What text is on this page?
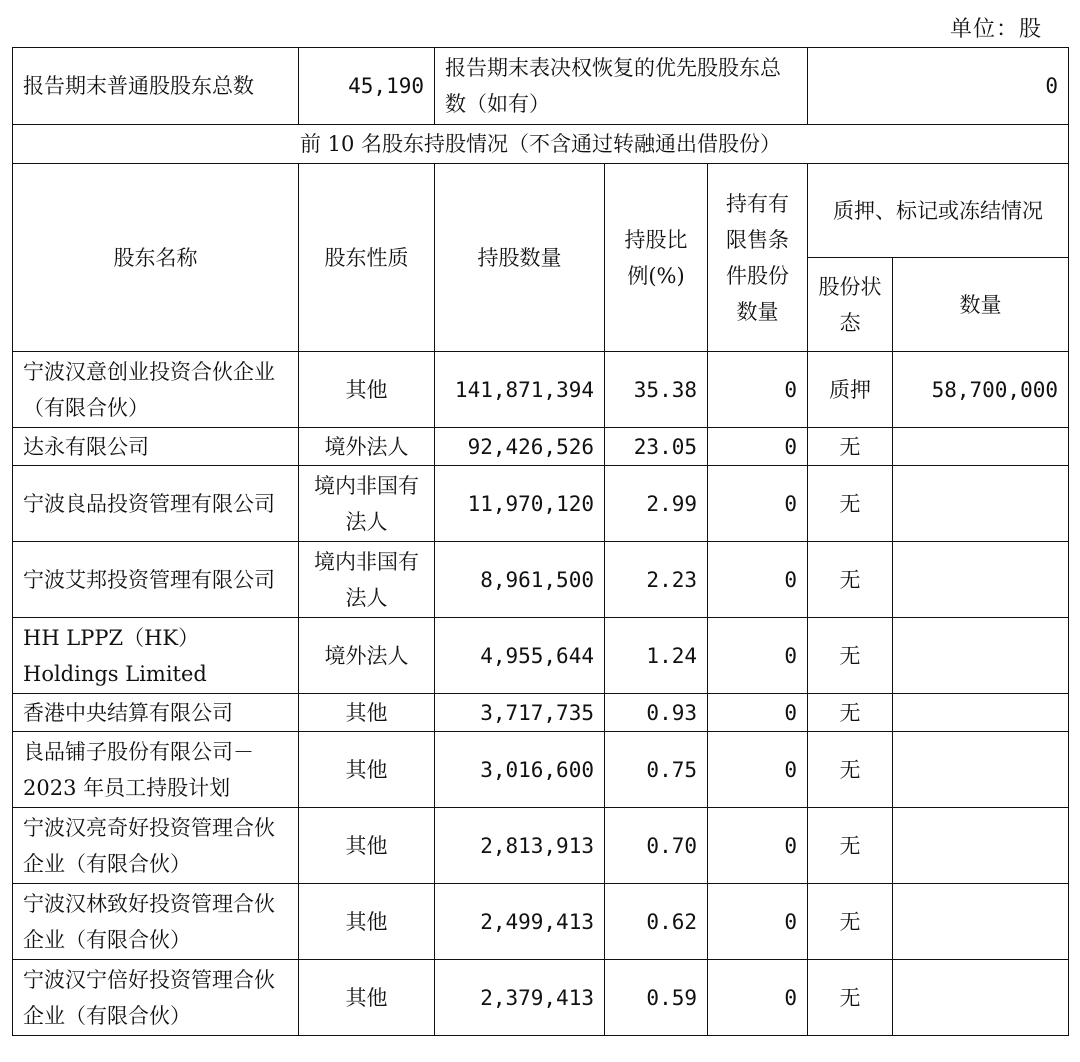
单位：股
报告期末普通股股东总数	45,190	报告期末表决权恢复的优先股股东总数（如有）			0	
前 10 名股东持股情况（不含通过转融通出借股份）						
股东名称	股东性质	持股数量	持股比例(%)	持有有限售条件股份数量	质押、标记或冻结情况	
					股份状态	数量
宁波汉意创业投资合伙企业（有限合伙）	其他	141,871,394	35.38	0	质押	58,700,000
达永有限公司	境外法人	92,426,526	23.05	0	无	
宁波良品投资管理有限公司	境内非国有法人	11,970,120	2.99	0	无	
宁波艾邦投资管理有限公司	境内非国有法人	8,961,500	2.23	0	无	
HH LPPZ（HK） Holdings Limited	境外法人	4,955,644	1.24	0	无	
香港中央结算有限公司	其他	3,717,735	0.93	0	无	
良品铺子股份有限公司－2023 年员工持股计划	其他	3,016,600	0.75	0	无	
宁波汉亮奇好投资管理合伙企业（有限合伙）	其他	2,813,913	0.70	0	无	
宁波汉林致好投资管理合伙企业（有限合伙）	其他	2,499,413	0.62	0	无	
宁波汉宁倍好投资管理合伙企业（有限合伙）	其他	2,379,413	0.59	0	无	
